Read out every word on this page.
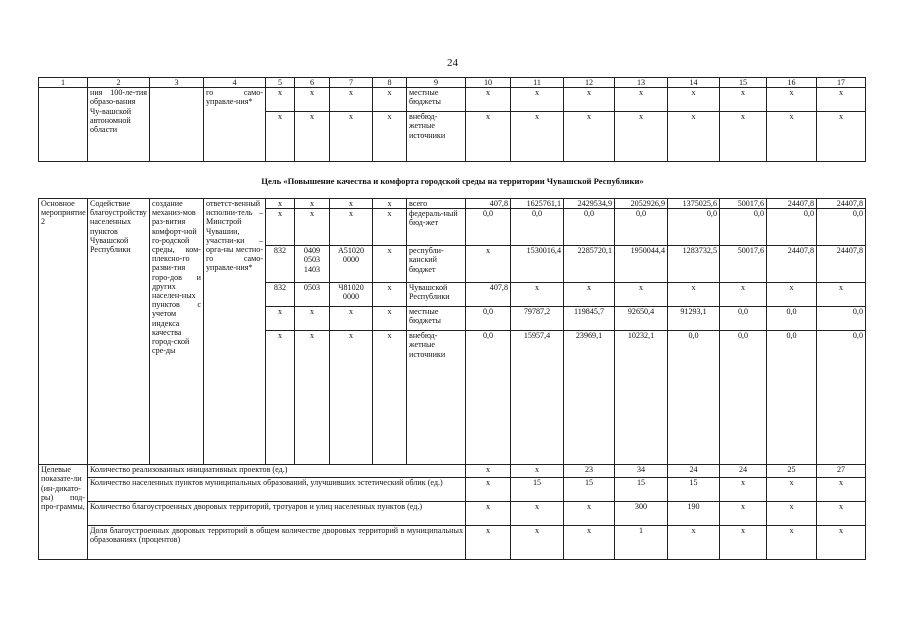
24
1	2	3	4	5	6	7	8	9	10	11	12	13	14	15	16	17
	ния 100-ле-тия образо-вания Чу-вашской автономной области		го само-управле-ния*	x	x	x	x	местные бюджеты	x	x	x	x	x	x	x	x
				x	x	x	x	внебюд-жетные источники	x	x	x	x	x	x	x	x
Цель «Повышение качества и комфорта городской среды на территории Чувашской Республики»
Основное мероприятие 2	Содействие благоустройству населенных пунктов Чувашской Республики	создание механиз-мов раз-вития комфорт-ной го-родской среды, ком-плексно-го разви-тия горо-дов и других населен-ных пунктов с учетом индекса качества город-ской сре-ды	ответст-венный исполни-тель – Минстрой Чувашии, участни-ки – орга-ны местно-го само-управле-ния*	x	x	x	x	всего	407,8	1625761,1	2429534,9	2052926,9	1375025,6	50017,6	24407,8	24407,8	
				x	x	x	x	федераль-ный бюд-жет	0,0	0,0	0,0	0,0	0,0	0,0	0,0	0,0	
				832	0409 0503 1403	А51020 0000	x	республи-канский бюджет	x	1530016,4	2285720,1	1950044,4	1283732,5	50017,6	24407,8	24407,8	
				832	0503	Ч81020 0000	x	Чувашской Республики	407,8	x	x	x	x	x	x	x	
				x	x	x	x	местные бюджеты	0,0	79787,2	119845,7	92650,4	91293,1	0,0	0,0	0,0	
				x	x	x	x	внебюд-жетные источники	0,0	15957,4	23969,1	10232,1	0,0	0,0	0,0	0,0	
Целевые показате-ли (ин-дикато-ры) под-про-граммы,	Количество реализованных инициативных проектов (ед.)								x	x	23	34	24	24	25	27	
	Количество населенных пунктов муниципальных образований, улучшивших эстетический облик (ед.)								x	15	15	15	15	x	x	x	
	Количество благоустроенных дворовых территорий, тротуаров и улиц населенных пунктов (ед.)								x	x	x	300	190	x	x	x	
	Доля благоустроенных дворовых территорий в общем количестве дворовых территорий в муниципальных образованиях (процентов)								x	x	x	1	x	x	x	x	
